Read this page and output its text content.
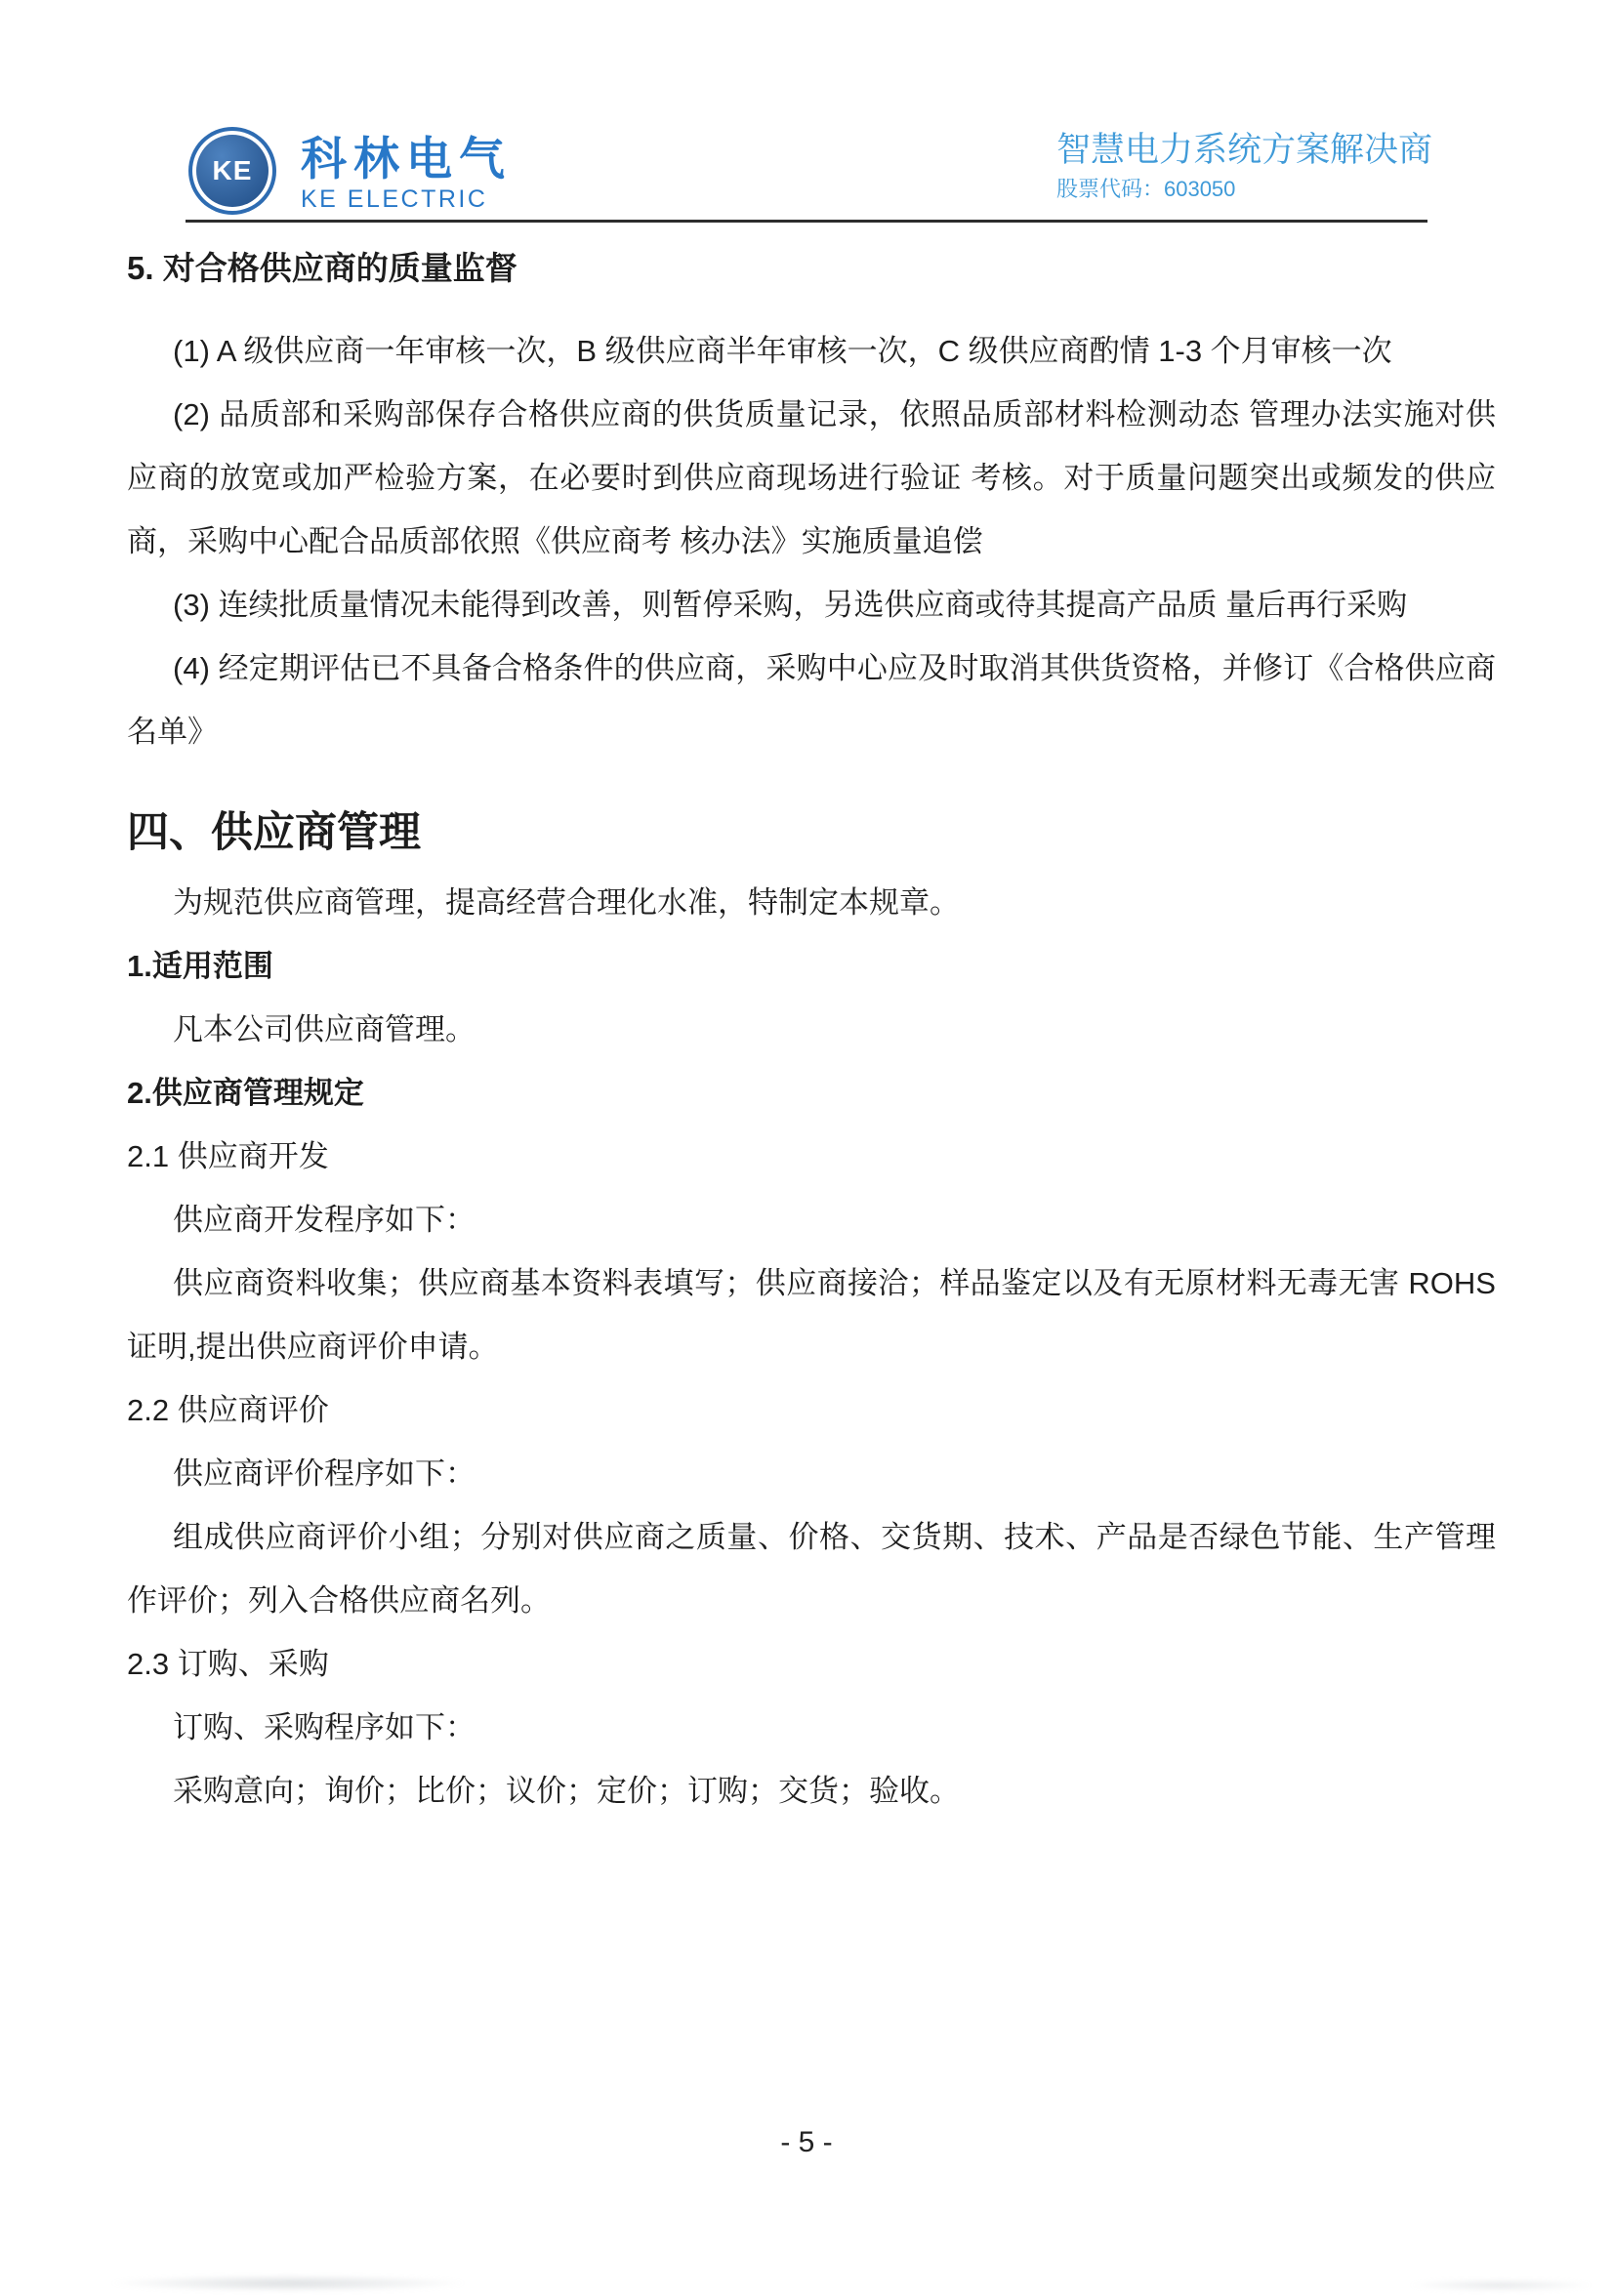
KE	科林电气
KE ELECTRIC
智慧电力系统方案解决商
股票代码：603050
5. 对合格供应商的质量监督

(1) A 级供应商一年审核一次，B 级供应商半年审核一次，C 级供应商酌情 1-3 个月审核一次

(2) 品质部和采购部保存合格供应商的供货质量记录，依照品质部材料检测动态 管理办法实施对供应商的放宽或加严检验方案，在必要时到供应商现场进行验证 考核。对于质量问题突出或频发的供应商，采购中心配合品质部依照《供应商考 核办法》实施质量追偿

(3) 连续批质量情况未能得到改善，则暂停采购，另选供应商或待其提高产品质 量后再行采购

(4) 经定期评估已不具备合格条件的供应商，采购中心应及时取消其供货资格，并修订《合格供应商名单》

四、供应商管理

为规范供应商管理，提高经营合理化水准，特制定本规章。

1.适用范围

凡本公司供应商管理。

2.供应商管理规定
2.1 供应商开发

供应商开发程序如下：

供应商资料收集；供应商基本资料表填写；供应商接洽；样品鉴定以及有无原材料无毒无害 ROHS 证明,提出供应商评价申请。

2.2 供应商评价

供应商评价程序如下：

组成供应商评价小组；分别对供应商之质量、价格、交货期、技术、产品是否绿色节能、生产管理作评价；列入合格供应商名列。

2.3 订购、采购

订购、采购程序如下：

采购意向；询价；比价；议价；定价；订购；交货；验收。

- 5 -
